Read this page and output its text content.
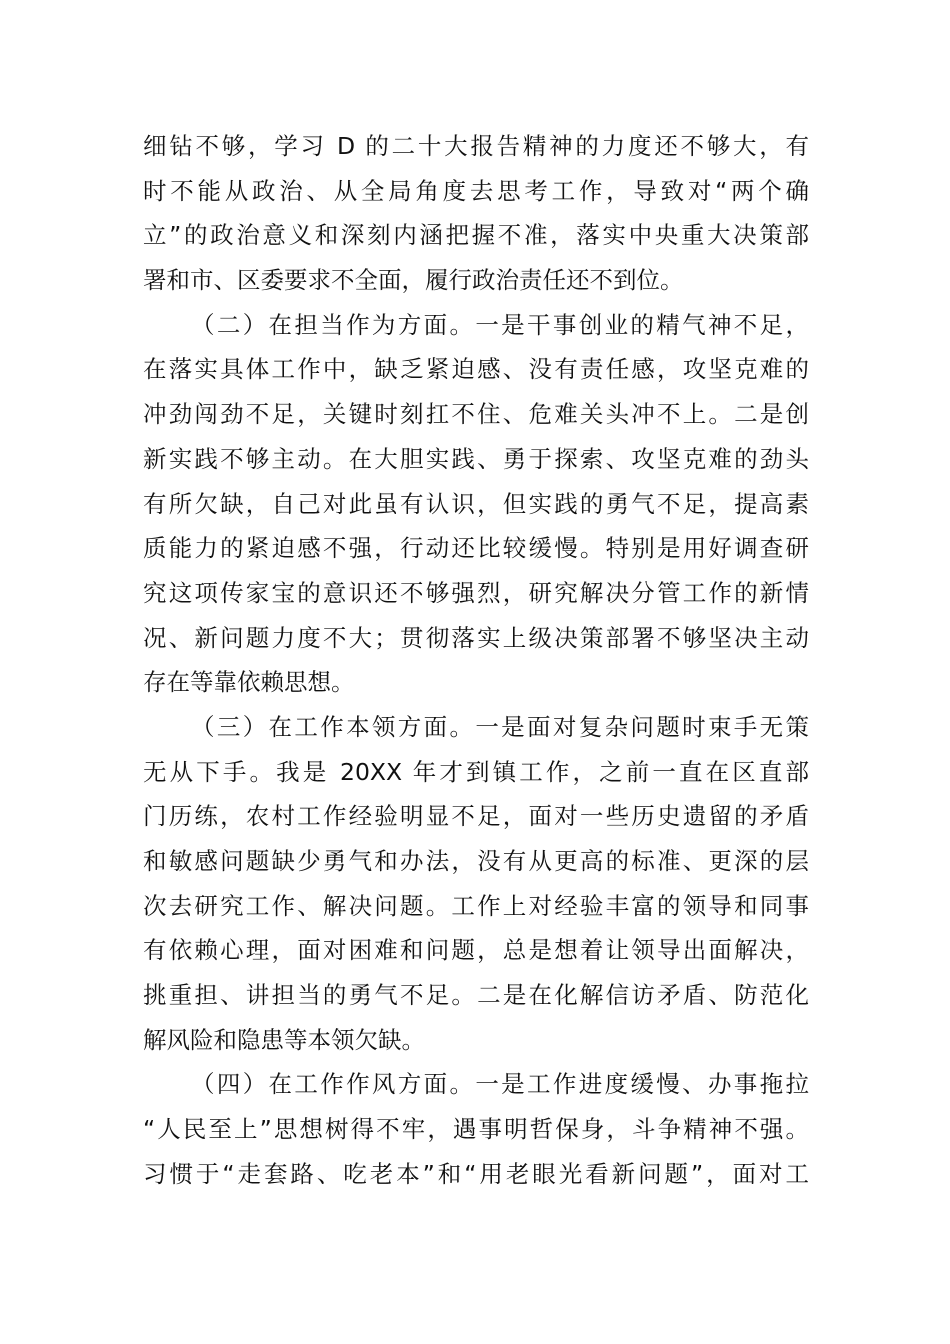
细钻不够，学习 D 的二十大报告精神的力度还不够大，有
时不能从政治、从全局角度去思考工作，导致对“两个确
立”的政治意义和深刻内涵把握不准，落实中央重大决策部
署和市、区委要求不全面，履行政治责任还不到位。
（二）在担当作为方面。一是干事创业的精气神不足，
在落实具体工作中，缺乏紧迫感、没有责任感，攻坚克难的
冲劲闯劲不足，关键时刻扛不住、危难关头冲不上。二是创
新实践不够主动。在大胆实践、勇于探索、攻坚克难的劲头
有所欠缺，自己对此虽有认识，但实践的勇气不足，提高素
质能力的紧迫感不强，行动还比较缓慢。特别是用好调查研
究这项传家宝的意识还不够强烈，研究解决分管工作的新情
况、新问题力度不大；贯彻落实上级决策部署不够坚决主动
存在等靠依赖思想。
（三）在工作本领方面。一是面对复杂问题时束手无策
无从下手。我是 20XX 年才到镇工作，之前一直在区直部
门历练，农村工作经验明显不足，面对一些历史遗留的矛盾
和敏感问题缺少勇气和办法，没有从更高的标准、更深的层
次去研究工作、解决问题。工作上对经验丰富的领导和同事
有依赖心理，面对困难和问题，总是想着让领导出面解决，
挑重担、讲担当的勇气不足。二是在化解信访矛盾、防范化
解风险和隐患等本领欠缺。
（四）在工作作风方面。一是工作进度缓慢、办事拖拉
“人民至上”思想树得不牢，遇事明哲保身，斗争精神不强。
习惯于“走套路、吃老本”和“用老眼光看新问题”，面对工
